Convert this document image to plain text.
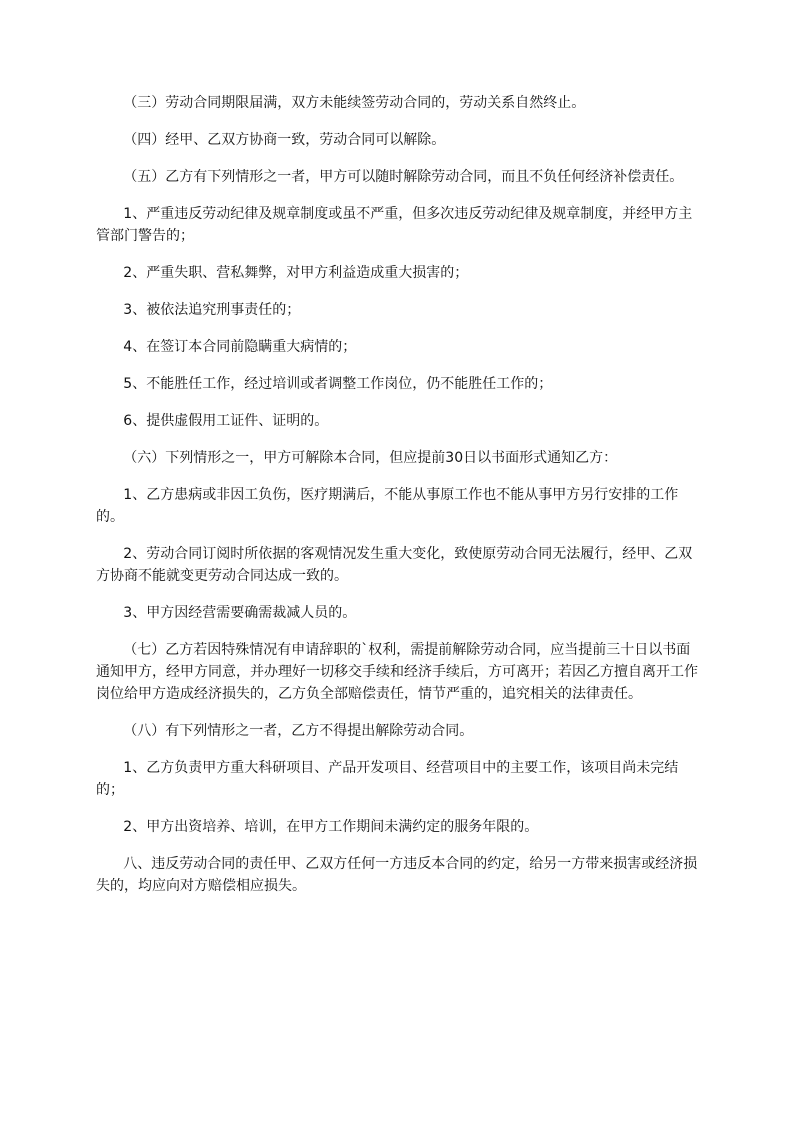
（三）劳动合同期限届满，双方未能续签劳动合同的，劳动关系自然终止。

（四）经甲、乙双方协商一致，劳动合同可以解除。

（五）乙方有下列情形之一者，甲方可以随时解除劳动合同，而且不负任何经济补偿责任。

1、严重违反劳动纪律及规章制度或虽不严重，但多次违反劳动纪律及规章制度，并经甲方主管部门警告的；

2、严重失职、营私舞弊，对甲方利益造成重大损害的；

3、被依法追究刑事责任的；

4、在签订本合同前隐瞒重大病情的；

5、不能胜任工作，经过培训或者调整工作岗位，仍不能胜任工作的；

6、提供虚假用工证件、证明的。

（六）下列情形之一，甲方可解除本合同，但应提前30日以书面形式通知乙方：

1、乙方患病或非因工负伤，医疗期满后，不能从事原工作也不能从事甲方另行安排的工作的。

2、劳动合同订阅时所依据的客观情况发生重大变化，致使原劳动合同无法履行，经甲、乙双方协商不能就变更劳动合同达成一致的。

3、甲方因经营需要确需裁减人员的。

（七）乙方若因特殊情况有申请辞职的`权利，需提前解除劳动合同，应当提前三十日以书面通知甲方，经甲方同意，并办理好一切移交手续和经济手续后，方可离开；若因乙方擅自离开工作岗位给甲方造成经济损失的，乙方负全部赔偿责任，情节严重的，追究相关的法律责任。

（八）有下列情形之一者，乙方不得提出解除劳动合同。

1、乙方负责甲方重大科研项目、产品开发项目、经营项目中的主要工作，该项目尚未完结的；

2、甲方出资培养、培训，在甲方工作期间未满约定的服务年限的。

八、违反劳动合同的责任甲、乙双方任何一方违反本合同的约定，给另一方带来损害或经济损失的，均应向对方赔偿相应损失。
